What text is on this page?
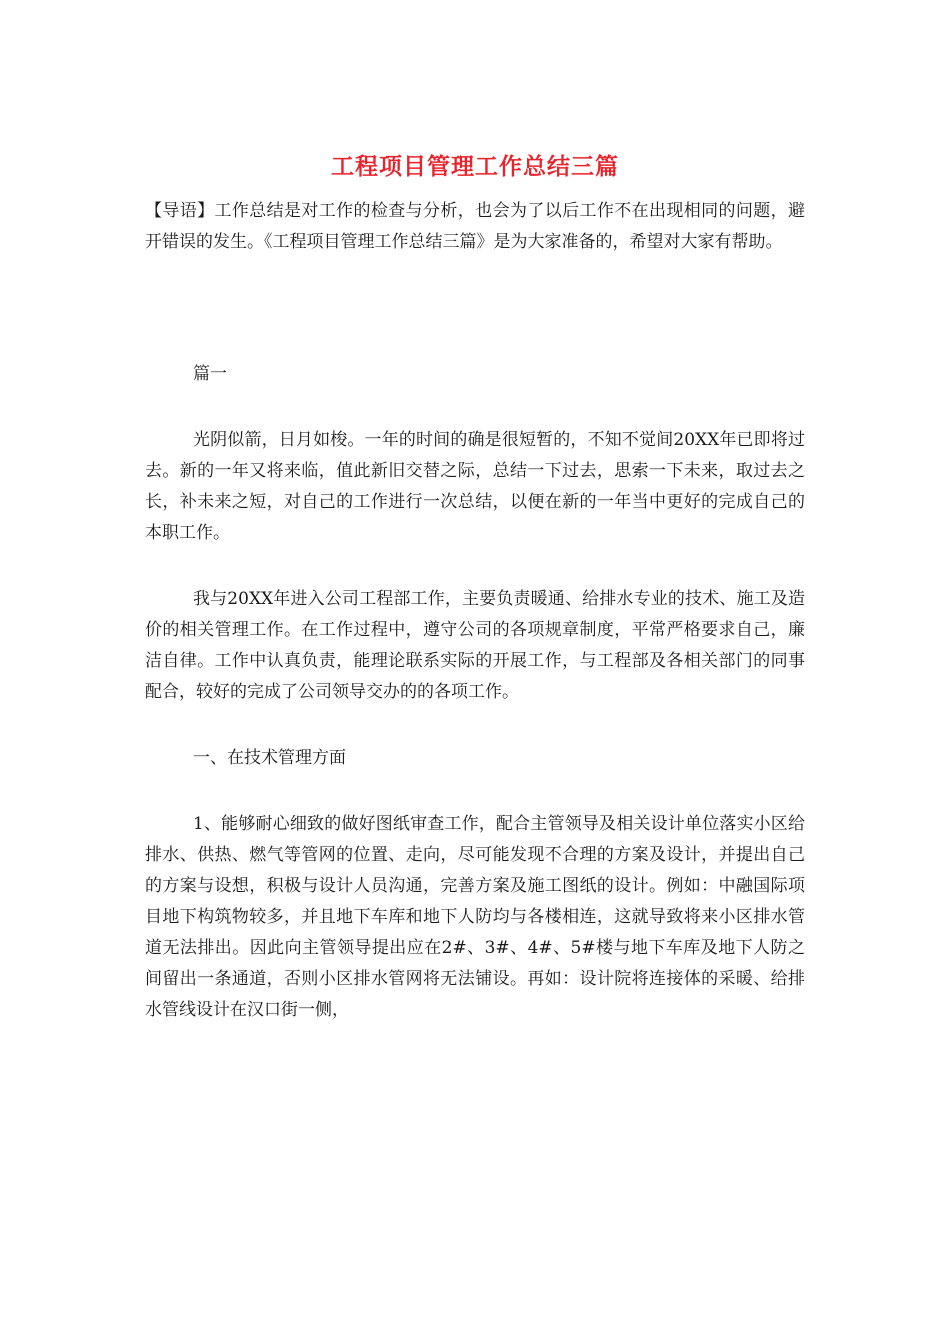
工程项目管理工作总结三篇

【导语】工作总结是对工作的检查与分析，也会为了以后工作不在出现相同的问题，避开错误的发生。《工程项目管理工作总结三篇》是为大家准备的，希望对大家有帮助。

篇一

光阴似箭，日月如梭。一年的时间的确是很短暂的，不知不觉间20XX年已即将过去。新的一年又将来临，值此新旧交替之际，总结一下过去，思索一下未来，取过去之长，补未来之短，对自己的工作进行一次总结，以便在新的一年当中更好的完成自己的本职工作。

我与20XX年进入公司工程部工作，主要负责暖通、给排水专业的技术、施工及造价的相关管理工作。在工作过程中，遵守公司的各项规章制度，平常严格要求自己，廉洁自律。工作中认真负责，能理论联系实际的开展工作，与工程部及各相关部门的同事配合，较好的完成了公司领导交办的的各项工作。

一、在技术管理方面

1、能够耐心细致的做好图纸审查工作，配合主管领导及相关设计单位落实小区给排水、供热、燃气等管网的位置、走向，尽可能发现不合理的方案及设计，并提出自己的方案与设想，积极与设计人员沟通，完善方案及施工图纸的设计。例如：中融国际项目地下构筑物较多，并且地下车库和地下人防均与各楼相连，这就导致将来小区排水管道无法排出。因此向主管领导提出应在2#、3#、4#、5#楼与地下车库及地下人防之间留出一条通道，否则小区排水管网将无法铺设。再如：设计院将连接体的采暖、给排水管线设计在汉口街一侧，
